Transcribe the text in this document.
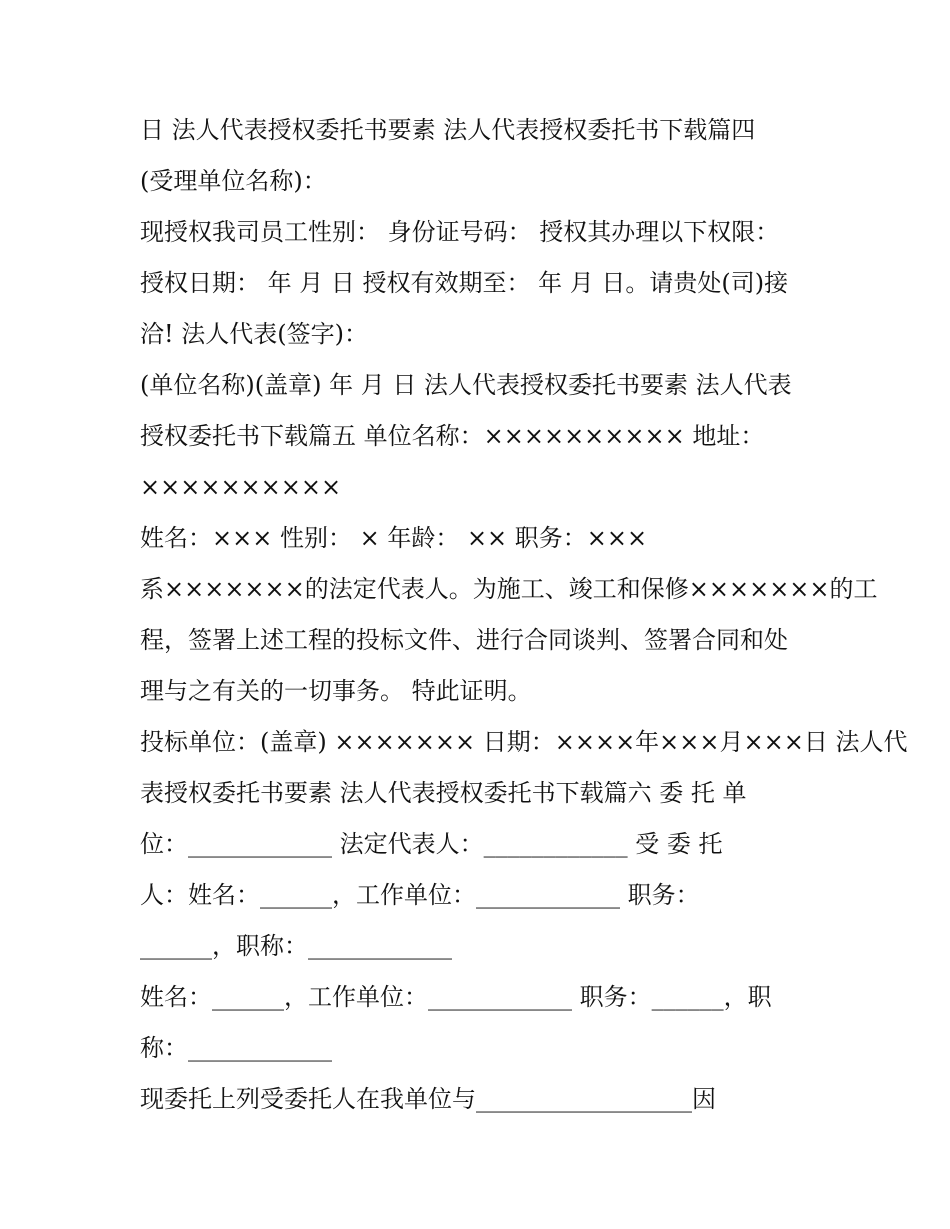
日 法人代表授权委托书要素 法人代表授权委托书下载篇四
(受理单位名称)：
现授权我司员工性别： 身份证号码： 授权其办理以下权限：
授权日期： 年 月 日 授权有效期至： 年 月 日。请贵处(司)接
洽! 法人代表(签字)：
(单位名称)(盖章) 年 月 日 法人代表授权委托书要素 法人代表
授权委托书下载篇五 单位名称：×××××××××× 地址：
××××××××××
姓名：××× 性别： × 年龄： ×× 职务：×××
系×××××××的法定代表人。为施工、竣工和保修×××××××的工
程，签署上述工程的投标文件、进行合同谈判、签署合同和处
理与之有关的一切事务。 特此证明。
投标单位：(盖章) ××××××× 日期：××××年×××月×××日 法人代
表授权委托书要素 法人代表授权委托书下载篇六 委 托 单
位：____________ 法定代表人：____________ 受 委 托
人：姓名：______，工作单位：____________ 职务：
______，职称：____________
姓名：______，工作单位：____________ 职务：______，职
称：____________
现委托上列受委托人在我单位与__________________因
